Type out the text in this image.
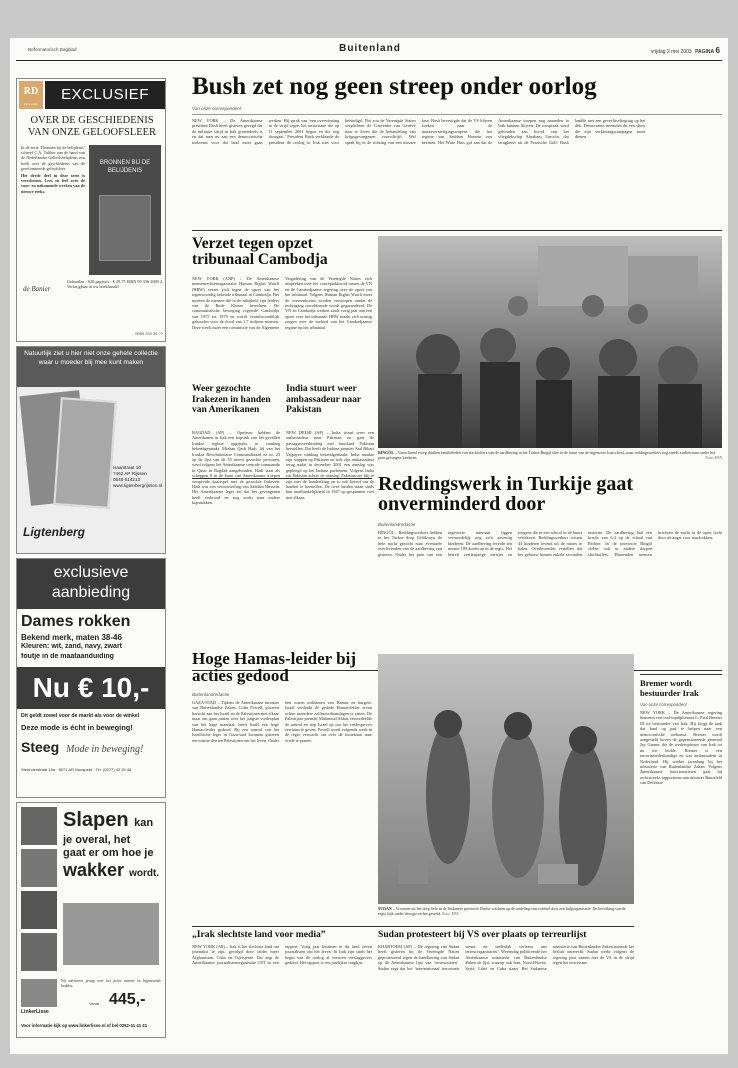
Reformatorisch Dagblad	Buitenland	vrijdag 2 mei 2003 PAGINA 6
RD
EXCLUSIEF
EXCLUSIEF
OVER DE GESCHIEDENIS VAN ONZE GELOOFSLEER

In de serie ‘Bronnen bij de belijdenis’ schreef C.A. Tukker aan de hand van de Nederlandse Geloofsbelijdenis een boek over de geschiedenis van de gereformeerde geloofsleer.

Het derde deel in deze serie is verschenen. Lees en leef over de voor- en nakomende werken van de nieuwe reeks.

BRONNEN BIJ DE BELIJDENIS
de Banier
Gebonden - 620 pagina's - € 29,75 ISBN 90 336 2080 4. Verkrijgbaar in uw boekhandel
0055 230 35 ??
Natuurlijk ziet u hier niet onze gehele collectie waar u moeder blij mee kunt maken
Haarstraat 10
7462 AP Rijssen
0548-514213
www.ligtenbergrijssen.nl
Ligtenberg
exclusieve aanbieding
Dames rokken
Bekend merk, maten 38-46
Kleuren: wit, zand, navy, zwart
foutje in de maataanduiding
Nu € 10,-
Dit geldt zowel voor de markt als voor de winkel
Deze mode is écht in beweging!
Steeg Mode in beweging!
Steenderstraat 15a · 8071 AR Nunspeet · Tel. (0577) 42 25 48
Slapen kan
je overal, het
gaat er om hoe je
wakker wordt.
Wij adviseren graag over het juiste matras en bijpassende bedden.
Vanaf 445,-
LinkerLisse
Voor informatie kijk op www.linkerlisse.nl of bel 0252-41 41 41
Bush zet nog geen streep onder oorlog
Van onze correspondent
NEW YORK – De Amerikaanse president Bush heeft gisteren gezegd dat de militaire strijd in Irak grotendeels is en dat men nu aan een democratische toekomst voor dat land moet gaan werken. Hij sprak van ‘een overwinning in de strijd tegen het terrorisme die op 11 september 2001 begon en die nog doorgaat.’ President Bush verklaarde de president de oorlog in Irak niet voor beëindigd. Dat zou de Verenigde Staten verplichten de Conventie van Genève naar te leven die de behandeling van krijgsgevangenen voorschrijft. Wel sprak hij in de richting van een nieuwe fase. Bush bevestigde dat de VS blijven zoeken naar de massavernietigingswapens die het regime van Saddam Hussein zou bezitten. Het Witte Huis gaf aan dat de Amerikaanse troepen nog maanden in Irak kunnen blijven. De toespraak werd gehouden aan boord van het vliegdekschip Abraham Lincoln, dat terugkeert uit de Perzische Golf. Bush landde met een gevechtsvliegtuig op het dek. Democraten noemden dit een show die zijn verkiezingscampagne moet dienen.
Verzet tegen opzet tribunaal Cambodja
NEW YORK (ANP) – De Amerikaanse mensenrechtenorganisatie Human Rights Watch (HRW) verzet zich tegen de opzet van het tegenwoordig bekende tribunaal in Cambodja. Het moeten de mensen die in de nabijheid zijn leiders van de Rode Khmer berechten. De communistische beweging regeerde Cambodja van 1975 tot 1979 en wordt verantwoordelijk gehouden voor de dood van 1,7 miljoen mensen. Deze week moet een commissie van de Algemene Vergadering van de Verenigde Naties zich uitspreken over het conceptakkoord tussen de VN en de Cambodjaanse regering over de opzet van het tribunaal. Volgens Human Rights Watch moet de overeenkomst worden verworpen omdat de rechtsgang onvoldoende wordt gegarandeerd. De VN en Cambodja werken sinds vorig jaar aan een opzet voor het tribunaal. HRW maakt zich ernstig zorgen over de invloed van het Cambodjaanse regime op het tribunaal.
BINGÖL – Vanochtend vroeg drinken familieleden van slachtoffers van de aardbeving in het Turkse Bingöl thee in de buurt van de ingestorte kostschool, waar reddingswerkers nog steeds zoeken naar onder het puin gevangen kinderen.	Foto: EPA
Weer gezochte Irakezen in handen van Amerikanen
BAGDAD (AP) – Opnieuw hebben de Amerikanen in Irak een kopstuk van het gevallen Iraakse regime opgepakt, in vandaag bekendgemaakt. Mizban Qadr Hadi, lid van het Iraakse Revolutionaire Commandoraad en nr. 23 op de lijst van de 55 meest gezochte personen, werd volgens het Amerikaanse centrale commando in Qatar in Bagdad aangehouden. Hadi staat als schoppen 8 in de kaart van Amerikaanse troepen verspreide kaartspel met de gezochte Irakezen. Hadi was een vertrouweling van Saddam Hussein. Het Amerikaanse leger zei dat het gevangenen heeft verhoord en nog zoekt naar andere kopstukken.
India stuurt weer ambassadeur naar Pakistan
NEW DELHI (AP) – India stuurt weer een ambassadeur naar Pakistan en gaat de passagiersverbinding met buurland Pakistan herstellen. Dat heeft de Indiase premier Atal Bihari Vajpayee vandaag bekendgemaakt. India maakte zijn stappen op Pakistan en trok zijn ambassadeur terug nadat in december 2001 een aanslag was gepleegd op het Indiase parlement. Volgens India zat Pakistan achter de aanslag. Pakistan zei blij te zijn met de handreiking en is ook bereid om de banden te herstellen. De twee landen staan sinds hun onafhankelijkheid in 1947 op gespannen voet met elkaar.
Reddingswerk in Turkije gaat onverminderd door
Buitenlandredactie
BINGÖL – Reddingswerkers hebben in het Turkse dorp Celtiksuyu de hele nacht gezocht naar eventuele overlevenden van de aardbeving van gisteren. Onder het puin van een ingestorte internaat liggen vermoedelijk nog zo'n zeventig kinderen. De aardbeving leverde ten minste 109 doden op in de regio. Het betreft zestienjarige meisjes en jongens die in een school in de buurt verbleven. Reddingswerkers wisten 43 kinderen levend uit de ruïnes te halen. Overlevenden vertellen dat het gebouw binnen enkele seconden instortte. De aardbeving had een kracht van 6,4 op de schaal van Richter. In de provincie Bingöl vielen ook in andere dorpen slachtoffers. Duizenden mensen brachten de nacht in de open lucht door uit angst voor naschokken.
Hoge Hamas-leider bij acties gedood
Buitenlandredactie
GAZA-STAD – Tijdens de Amerikaanse minister van Buitenlandse Zaken, Colin Powell, gisteren bezocht aan het Israël en de Palestijnen met elkaar maar om gaan praten over het jongste vredesplan van het huge mandaat, heeft Israël een hoge Hamas-leider gedood. Bij een aanval van het Israëlische leger in Gaza-stad kwamen gisteren ten minste dertien Palestijnen om het leven. Onder hen waren militanten van Hamas en burgers. Israël verdenkt de gedode Hamas-leider ervan achter meerdere zelfmoordaanslagen te zitten. De Palestijnse premier Mahmoud Abbas veroordeelde de aanval en riep Israël op om het vredesproces een kans te geven. Powell wordt volgende week in de regio verwacht om over de routekaart naar vrede te praten.
SUDAN – Vrouwen uit het dorp Selo in de Sudanese provincie Darfur wachten op de uitdeling van voedsel door een hulporganisatie. De bevolking van de regio lijdt onder droogte en het geweld. Foto: EPA
Bremer wordt bestuurder Irak
Van onze correspondent
NEW YORK – De Amerikaanse regering benoemt een oud-topdiplomaat L. Paul Bremer III tot bestuurder van Irak. Hij krijgt de taak dat land op pad te helpen naar een democratische toekomst. Bremer wordt aangesteld boven de gepensioneerde generaal Jay Garner, die de wederopbouw van Irak tot nu toe leidde. Bremer is een terrorismedeskundige en was ambassadeur in Nederland. Hij werkte jarenlang bij het ministerie van Buitenlandse Zaken. Volgens Amerikaanse functionarissen gaat hij rechtstreeks rapporteren aan minister Rumsfeld van Defensie.
„Irak slechtste land voor media”
NEW YORK (AP) – Irak is het slechtste land om journalist te zijn, gevolgd door onder meer Afghanistan, Cuba en Tsjetsjenië. Dat zegt de Amerikaanse journalistenorganisatie CPJ in een rapport. Vorig jaar kwamen in dit land zeven journalisten om het leven. In Irak zijn sinds het begin van de oorlog al veertien verslaggevers gedood. Het rapport is een jaarlijkse ranglijst.
Sudan protesteert bij VS over plaats op terreurlijst
KHARTOEM (AP) – De regering van Sudan heeft gisteren bij de Verenigde Naties geprotesteerd tegen de handhaving van Sudan op de Amerikaanse lijst van ‘terreurstaten’. Sudan zegt dat het ‘internationaal terrorisme steunt en onderdak verleent aan terreurorganisaties’. Woensdag publiceerde het Amerikaanse ministerie van Buitenlandse Zaken de lijst, waarop ook Iran, Noord-Korea, Syrië, Libië en Cuba staan. Het Sudanese ministerie van Buitenlandse Zaken noemde het besluit onterecht. Sudan werkt volgens de regering juist samen met de VS in de strijd tegen het terrorisme.
